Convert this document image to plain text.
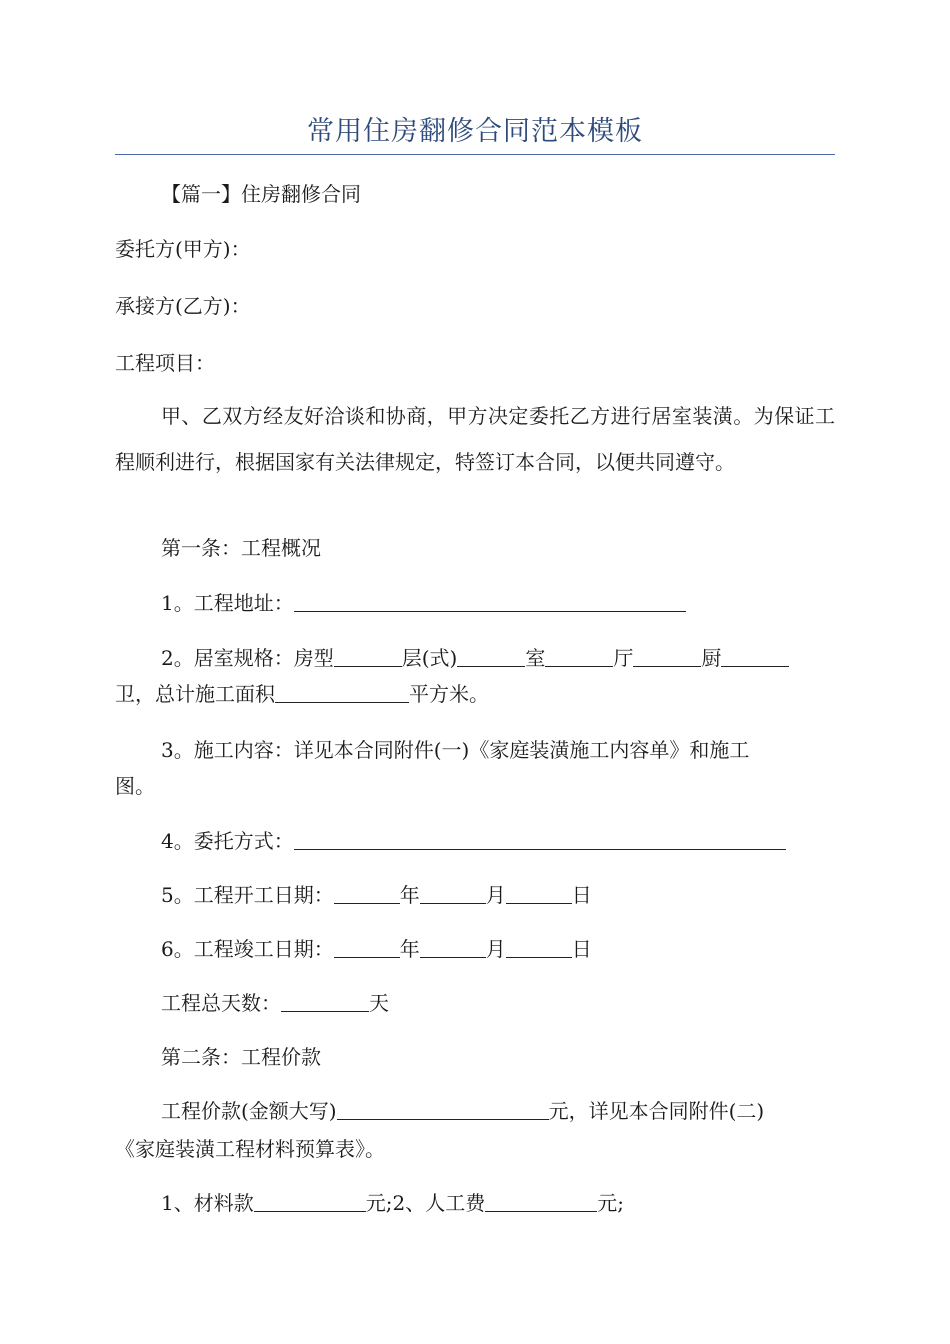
常用住房翻修合同范本模板
【篇一】住房翻修合同
委托方(甲方)：
承接方(乙方)：
工程项目：
甲、乙双方经友好洽谈和协商，甲方决定委托乙方进行居室装潢。为保证工程顺利进行，根据国家有关法律规定，特签订本合同，以便共同遵守。
第一条：工程概况
1。工程地址：
2。居室规格：房型	层(式)	室	厅	厨
卫，总计施工面积	平方米。
3。施工内容：详见本合同附件(一)《家庭装潢施工内容单》和施工
图。
4。委托方式：
5。工程开工日期：	年	月	日
6。工程竣工日期：	年	月	日
工程总天数：	天
第二条：工程价款
工程价款(金额大写)	元，详见本合同附件(二)
《家庭装潢工程材料预算表》。
1、材料款	元;2、人工费	元;
